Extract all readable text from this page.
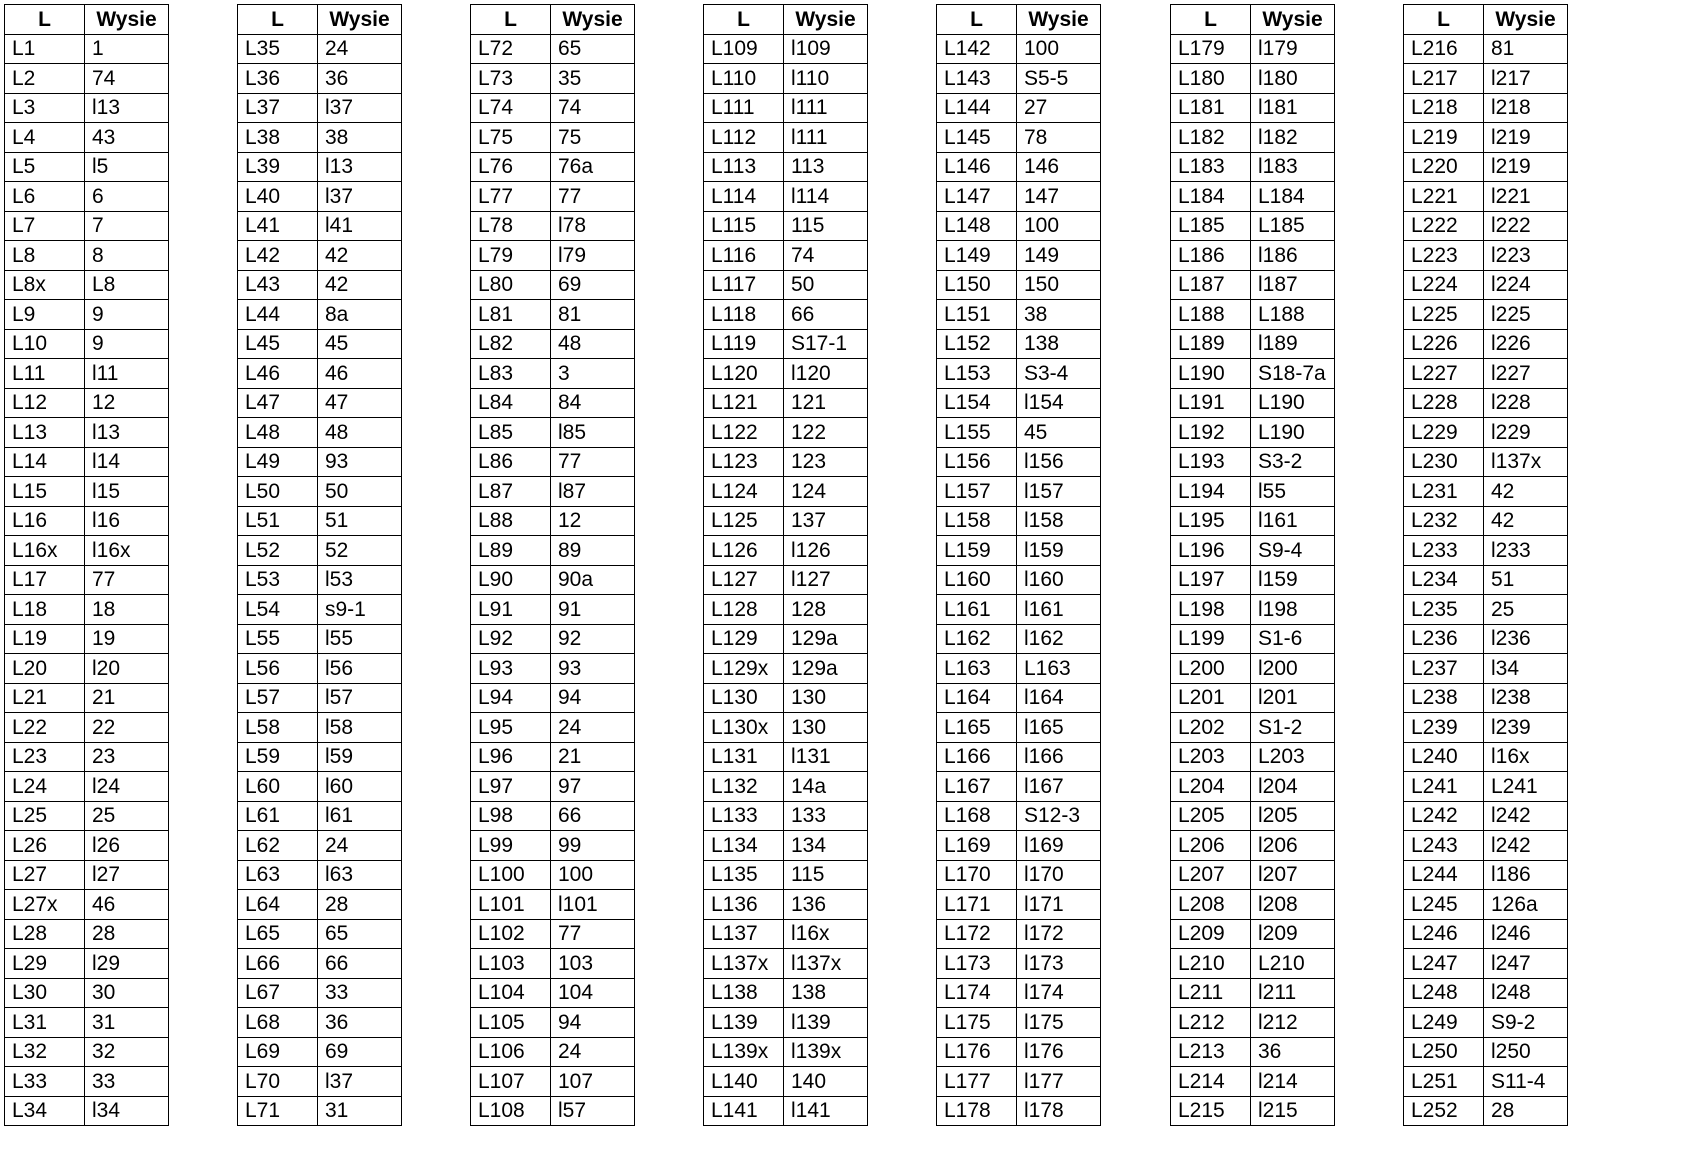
L	Wysie
L1	1
L2	74
L3	l13
L4	43
L5	l5
L6	6
L7	7
L8	8
L8x	L8
L9	9
L10	9
L11	l11
L12	12
L13	l13
L14	l14
L15	l15
L16	l16
L16x	l16x
L17	77
L18	18
L19	19
L20	l20
L21	21
L22	22
L23	23
L24	l24
L25	25
L26	l26
L27	l27
L27x	46
L28	28
L29	l29
L30	30
L31	31
L32	32
L33	33
L34	l34
L	Wysie
L35	24
L36	36
L37	l37
L38	38
L39	l13
L40	l37
L41	l41
L42	42
L43	42
L44	8a
L45	45
L46	46
L47	47
L48	48
L49	93
L50	50
L51	51
L52	52
L53	l53
L54	s9-1
L55	l55
L56	l56
L57	l57
L58	l58
L59	l59
L60	l60
L61	l61
L62	24
L63	l63
L64	28
L65	65
L66	66
L67	33
L68	36
L69	69
L70	l37
L71	31
L	Wysie
L72	65
L73	35
L74	74
L75	75
L76	76a
L77	77
L78	l78
L79	l79
L80	69
L81	81
L82	48
L83	3
L84	84
L85	l85
L86	77
L87	l87
L88	12
L89	89
L90	90a
L91	91
L92	92
L93	93
L94	94
L95	24
L96	21
L97	97
L98	66
L99	99
L100	100
L101	l101
L102	77
L103	103
L104	104
L105	94
L106	24
L107	107
L108	l57
L	Wysie
L109	l109
L110	l110
L111	l111
L112	l111
L113	113
L114	l114
L115	115
L116	74
L117	50
L118	66
L119	S17-1
L120	l120
L121	121
L122	122
L123	123
L124	124
L125	137
L126	l126
L127	l127
L128	128
L129	129a
L129x	129a
L130	130
L130x	130
L131	l131
L132	14a
L133	133
L134	134
L135	115
L136	136
L137	l16x
L137x	l137x
L138	138
L139	l139
L139x	l139x
L140	140
L141	l141
L	Wysie
L142	100
L143	S5-5
L144	27
L145	78
L146	146
L147	147
L148	100
L149	149
L150	150
L151	38
L152	138
L153	S3-4
L154	l154
L155	45
L156	l156
L157	l157
L158	l158
L159	l159
L160	l160
L161	l161
L162	l162
L163	L163
L164	l164
L165	l165
L166	l166
L167	l167
L168	S12-3
L169	l169
L170	l170
L171	l171
L172	l172
L173	l173
L174	l174
L175	l175
L176	l176
L177	l177
L178	l178
L	Wysie
L179	l179
L180	l180
L181	l181
L182	l182
L183	l183
L184	L184
L185	L185
L186	l186
L187	l187
L188	L188
L189	l189
L190	S18-7a
L191	L190
L192	L190
L193	S3-2
L194	l55
L195	l161
L196	S9-4
L197	l159
L198	l198
L199	S1-6
L200	l200
L201	l201
L202	S1-2
L203	L203
L204	l204
L205	l205
L206	l206
L207	l207
L208	l208
L209	l209
L210	L210
L211	l211
L212	l212
L213	36
L214	l214
L215	l215
L	Wysie
L216	81
L217	l217
L218	l218
L219	l219
L220	l219
L221	l221
L222	l222
L223	l223
L224	l224
L225	l225
L226	l226
L227	l227
L228	l228
L229	l229
L230	l137x
L231	42
L232	42
L233	l233
L234	51
L235	25
L236	l236
L237	l34
L238	l238
L239	l239
L240	l16x
L241	L241
L242	l242
L243	l242
L244	l186
L245	126a
L246	l246
L247	l247
L248	l248
L249	S9-2
L250	l250
L251	S11-4
L252	28
